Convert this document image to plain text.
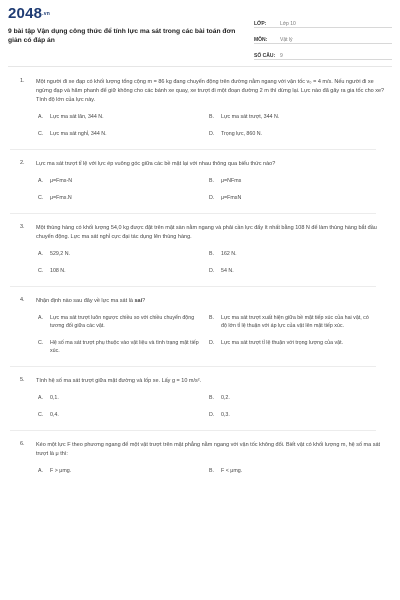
2048.vn
9 bài tập Vận dụng công thức để tính lực ma sát trong các bài toán đơn giản có đáp án
LỚP:	Lớp 10
MÔN:	Vật lý
SỐ CÂU: 9
1. Một người đi xe đạp có khối lượng tổng cộng m = 86 kg đang chuyển động trên đường nằm ngang với vận tốc v₀ = 4 m/s. Nếu người đi xe ngừng đạp và hãm phanh để giữ không cho các bánh xe quay, xe trượt đi một đoạn đường 2 m thì dừng lại. Lực nào đã gây ra gia tốc cho xe? Tính độ lớn của lực này.
A.	Lực ma sát lăn, 344 N.	B.	Lực ma sát trượt, 344 N.
C.	Lực ma sát nghỉ, 344 N.	D.	Trọng lực, 860 N.
2. Lực ma sát trượt tỉ lệ với lực ép vuông góc giữa các bề mặt lại với nhau thông qua biểu thức nào?
A.	μ=Fms-N	B.	μ=NFms
C.	μ=Fms.N	D.	μ=FmsN
3. Một thùng hàng có khối lượng 54,0 kg được đặt trên mặt sàn nằm ngang và phải cần lực đẩy ít nhất bằng 108 N để làm thùng hàng bắt đầu chuyển động. Lực ma sát nghỉ cực đại tác dụng lên thùng hàng.
A.	529,2 N.	B.	162 N.
C.	108 N.	D.	54 N.
4. Nhận định nào sau đây về lực ma sát là sai?
A.	Lực ma sát trượt luôn ngược chiều so với chiều chuyển động tương đối giữa các vật.
B.	Lực ma sát trượt xuất hiện giữa bề mặt tiếp xúc của hai vật, có độ lớn tỉ lệ thuận với áp lực của vật lên mặt tiếp xúc.
C.	Hệ số ma sát trượt phụ thuộc vào vật liệu và tình trạng mặt tiếp xúc.
D.	Lực ma sát trượt tỉ lệ thuận với trọng lượng của vật.
5. Tính hệ số ma sát trượt giữa mặt đường và lốp xe. Lấy g = 10 m/s².
A.	0,1.	B.	0,2.
C.	0,4.	D.	0,3.
6. Kéo một lực F theo phương ngang để một vật trượt trên mặt phẳng nằm ngang với vận tốc không đổi. Biết vật có khối lượng m, hệ số ma sát trượt là μ thì:
A.	F > μmg.	B.	F < μmg.
